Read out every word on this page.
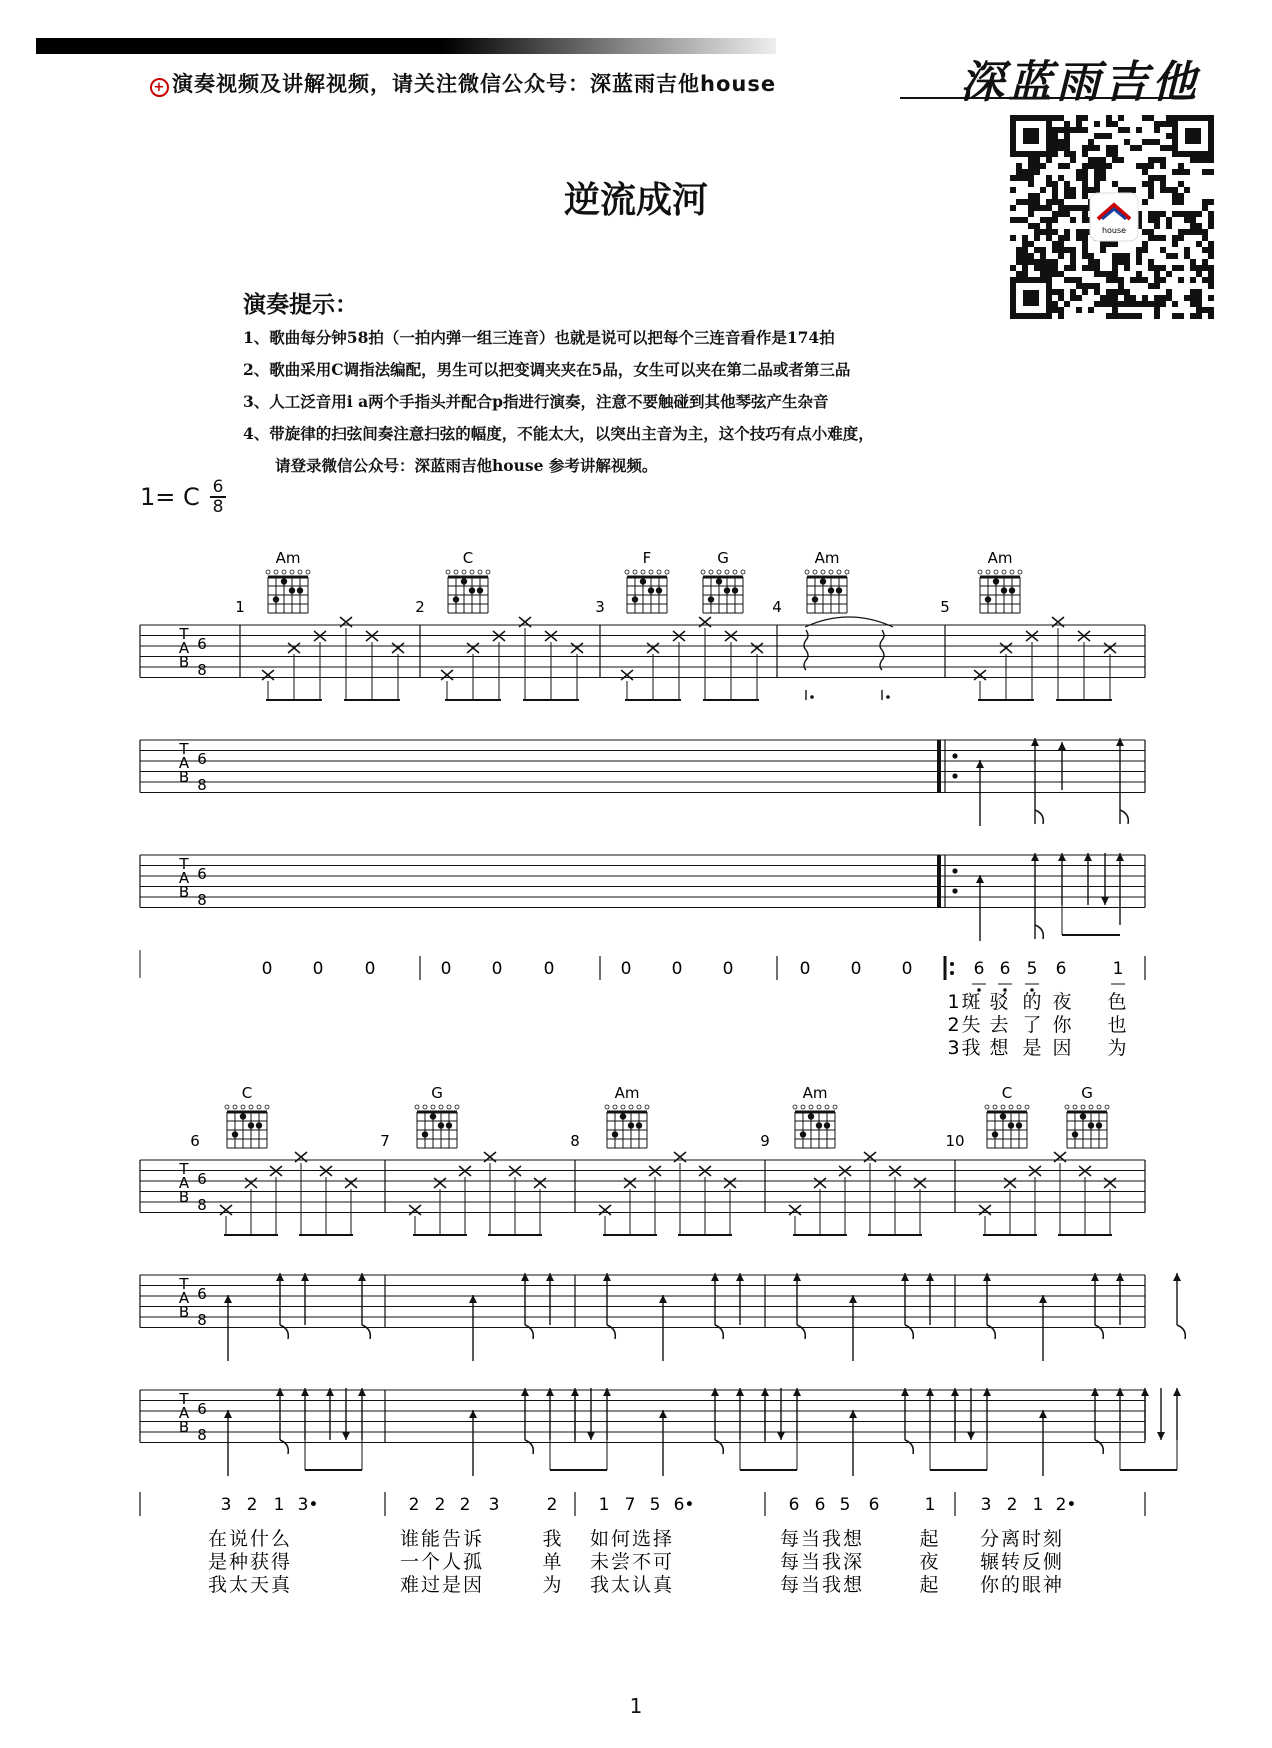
+ 演奏视频及讲解视频，请关注微信公众号：深蓝雨吉他house	深蓝雨吉他
house
逆流成河
演奏提示：
1、歌曲每分钟58拍（一拍内弹一组三连音）也就是说可以把每个三连音看作是174拍
2、歌曲采用C调指法编配，男生可以把变调夹夹在5品，女生可以夹在第二品或者第三品
3、人工泛音用i a两个手指头并配合p指进行演奏，注意不要触碰到其他琴弦产生杂音
4、带旋律的扫弦间奏注意扫弦的幅度，不能太大，以突出主音为主，这个技巧有点小难度，
请登录微信公众号：深蓝雨吉他house 参考讲解视频。
1= C 6
8
T
A
B
6
8
1
Am
2
C
3
F	G
4
Am
5
Am
T
A
B
6
8
T
A
B
6
8
0 0 0	0 0 0	0 0 0	0 0 0	6 6 5 6	1
1斑 驳 的 夜 色
2失 去 了 你 也
3我 想 是 因 为
T
A
B
6
8
6
C
7
G
8
Am
9
Am
10
C	G
T
A
B
6
8
T
A
B
6
8
3 2 1 3•	2 2 2 3	2 1 7 5 6•	6 6 5 6	1	3 2 1 2•
在说什么	谁能告诉	我 如何选择	每当我想	起 分离时刻
是种获得	一个人孤	单 未尝不可	每当我深	夜 辗转反侧
我太天真	难过是因	为 我太认真	每当我想	起 你的眼神
1
